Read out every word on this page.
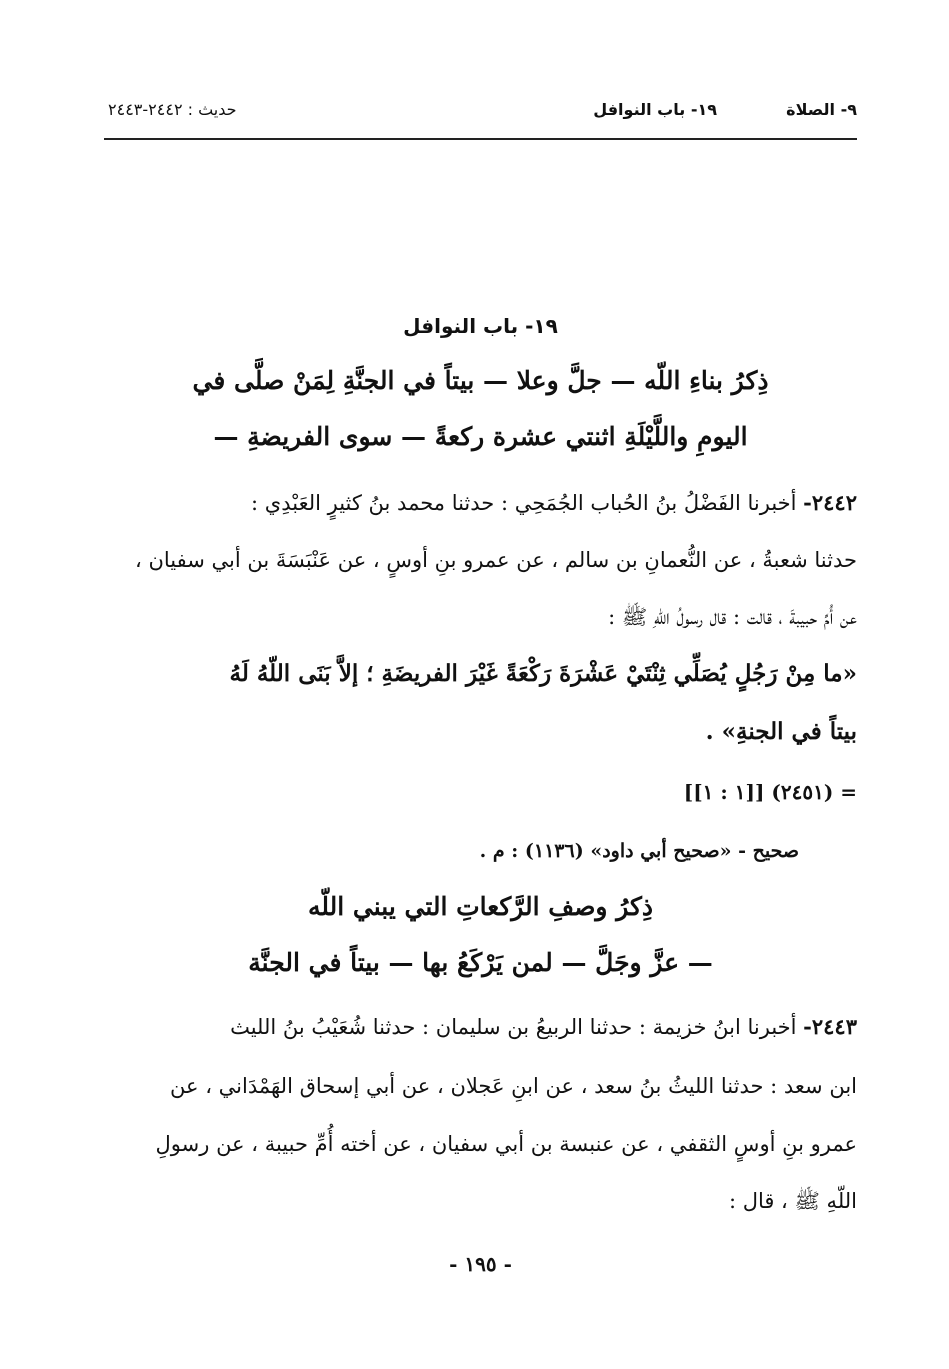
٩- الصلاة
١٩- باب النوافل
حديث : ٢٤٤٢-٢٤٤٣
١٩- باب النوافل
ذِكرُ بناءِ اللّه — جلَّ وعلا — بيتاً في الجنَّةِ لِمَنْ صلَّى في
اليومِ واللَّيْلَةِ اثنتي عشرة ركعةً — سوى الفريضةِ —
٢٤٤٢- أخبرنا الفَضْلُ بنُ الحُباب الجُمَحِي : حدثنا محمد بنُ كثيرٍ العَبْدِي :
حدثنا شعبةُ ، عن النُّعمانِ بن سالم ، عن عمرو بنِ أوسٍ ، عن عَنْبَسَةَ بن أبي سفيان ،
عن أُمِّ حبيبةَ ، قالت : قال رسولُ اللّهِ ﷺ :
«ما مِنْ رَجُلٍ يُصَلِّي ثِنْتَيْ عَشْرَةَ رَكْعَةً غَيْرَ الفريضَةِ ؛ إلاَّ بَنَى اللّهُ لَهُ
بيتاً في الجنةِ» .
= (٢٤٥١) [[١ : ١]]
صحيح - «صحيح أبي داود» (١١٣٦) : م .
ذِكرُ وصفِ الرَّكعاتِ التي يبني اللّه
— عزَّ وجَلَّ — لمن يَرْكَعُ بها — بيتاً في الجنَّة
٢٤٤٣- أخبرنا ابنُ خزيمة : حدثنا الربيعُ بن سليمان : حدثنا شُعَيْبُ بنُ الليث
ابن سعد : حدثنا الليثُ بنُ سعد ، عن ابنِ عَجلان ، عن أبي إسحاق الهَمْدَاني ، عن
عمرو بنِ أوسٍ الثقفي ، عن عنبسة بن أبي سفيان ، عن أخته أُمِّ حبيبة ، عن رسولِ
اللّهِ ﷺ ، قال :
- ١٩٥ -
